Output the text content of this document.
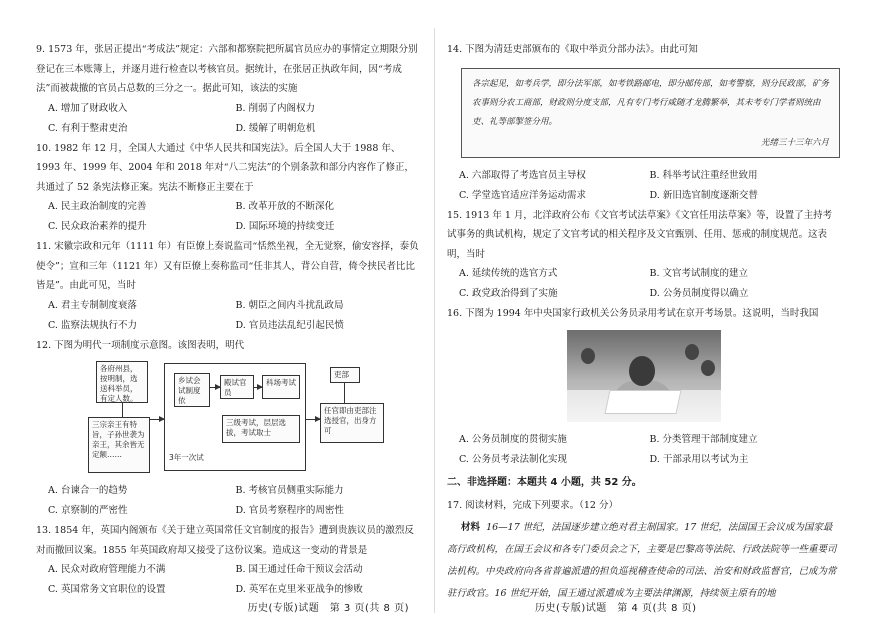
9. 1573 年，张居正提出“考成法”规定：六部和都察院把所属官员应办的事情定立期限分别登记在三本账簿上，并逐月进行检查以考核官员。据统计，在张居正执政年间，因“考成法”而被裁撤的官员占总数的三分之一。据此可知，该法的实施

A. 增加了财政收入	B. 削弱了内阁权力
C. 有利于整肃吏治	D. 缓解了明朝危机

10. 1982 年 12 月，全国人大通过《中华人民共和国宪法》。后全国人大于 1988 年、1993 年、1999 年、2004 年和 2018 年对“八二宪法”的个别条款和部分内容作了修正，共通过了 52 条宪法修正案。宪法不断修正主要在于

A. 民主政治制度的完善	B. 改革开放的不断深化
C. 民众政治素养的提升	D. 国际环境的持续变迁

11. 宋徽宗政和元年（1111 年）有臣僚上奏说监司“恬然坐视，全无觉察，偷安容择，泰负使令”；宣和三年（1121 年）又有臣僚上奏称监司“任非其人，背公自营，倚令挟民者比比皆是”。由此可见，当时

A. 君主专制制度衰落	B. 朝臣之间内斗扰乱政局
C. 监察法规执行不力	D. 官员违法乱纪引起民愤

12. 下图为明代一项制度示意图。该图表明，明代

各府州县，按明制，选送科举员，有定人数。
三宗亲王有特旨，子孙世袭为亲王，其余皆无定额……
乡试会试制度依
殿试官员
科场考试
三级考试，层层选拔，考试取士
3年一次试
吏部
任官即由吏部注选授官，出身方可
A. 台谏合一的趋势	B. 考核官员侧重实际能力
C. 京察制的严密性	D. 官员考察程序的周密性

13. 1854 年，英国内阁颁布《关于建立英国常任文官制度的报告》遭到贵族议员的激烈反对而撤回议案。1855 年英国政府却又接受了这份议案。造成这一变动的背景是

A. 民众对政府管理能力不满	B. 国王通过任命干预议会活动
C. 英国常务文官职位的设置	D. 英军在克里米亚战争的惨败
历史(专版)试题　第 3 页(共 8 页)

14. 下图为清廷吏部颁布的《取中举贡分部办法》。由此可知

各宗起见，如考兵学，即分法军部，如考铁路邮电，即分邮传部，如考警察，则分民政部，矿务农事则分农工商部，财政则分度支部，凡有专门考行咸随才龙腾繁举，其未考专门学者则统由吏、礼等部掣签分用。
光绪三十三年六月
A. 六部取得了考选官员主导权	B. 科举考试注重经世致用
C. 学堂选官适应洋务运动需求	D. 新旧选官制度逐渐交替

15. 1913 年 1 月，北洋政府公布《文官考试法草案》《文官任用法草案》等，设置了主持考试事务的典试机构，规定了文官考试的相关程序及文官甄别、任用、惩戒的制度规范。这表明，当时

A. 延续传统的选官方式	B. 文官考试制度的建立
C. 政党政治得到了实施	D. 公务员制度得以确立

16. 下图为 1994 年中央国家行政机关公务员录用考试在京开考场景。这说明，当时我国

A. 公务员制度的贯彻实施	B. 分类管理干部制度建立
C. 公务员考录法制化实现	D. 干部录用以考试为主
二、非选择题：本题共 4 小题，共 52 分。

17. 阅读材料，完成下列要求。（12 分）

材料 16—17 世纪，法国逐步建立绝对君主制国家。17 世纪，法国国王会议成为国家最高行政机构，在国王会议和各专门委员会之下，主要是巴黎高等法院、行政法院等一些重要司法机构。中央政府向各省普遍派遣的担负巡视稽查使命的司法、治安和财政监督官，已成为常驻行政官。16 世纪开始，国王通过派遣成为主要法律渊源，持续领主原有的地

历史(专版)试题　第 4 页(共 8 页)
